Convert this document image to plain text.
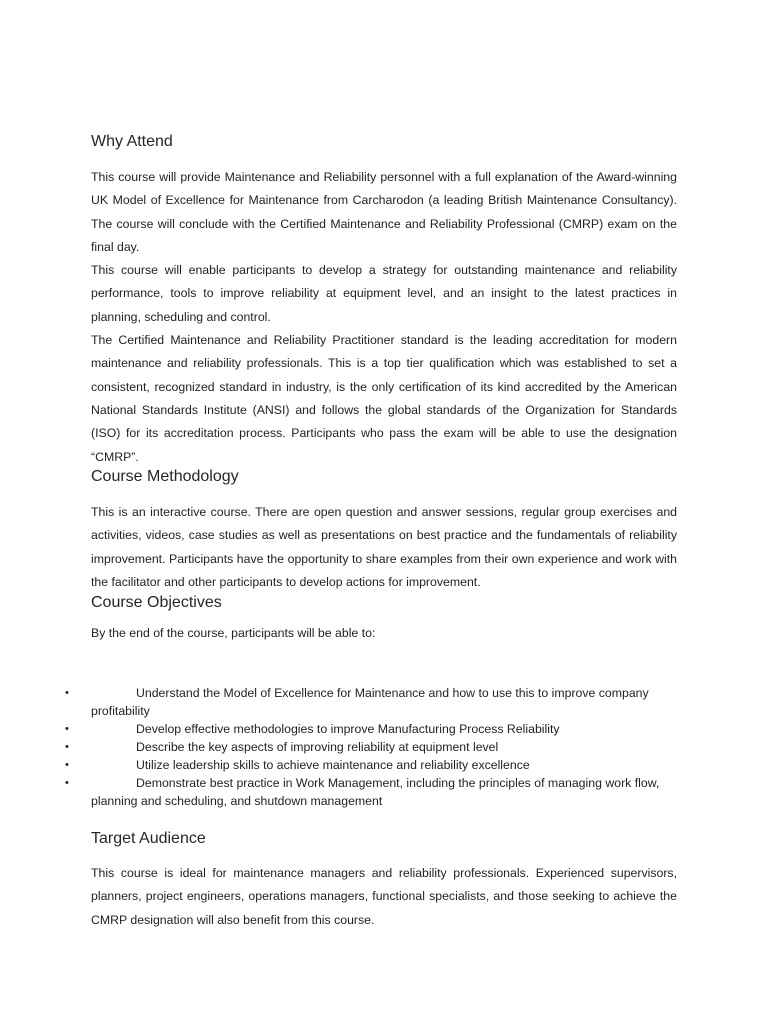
Why Attend

This course will provide Maintenance and Reliability personnel with a full explanation of the Award-winning UK Model of Excellence for Maintenance from Carcharodon (a leading British Maintenance Consultancy). The course will conclude with the Certified Maintenance and Reliability Professional (CMRP) exam on the final day.

This course will enable participants to develop a strategy for outstanding maintenance and reliability performance, tools to improve reliability at equipment level, and an insight to the latest practices in planning, scheduling and control.

The Certified Maintenance and Reliability Practitioner standard is the leading accreditation for modern maintenance and reliability professionals. This is a top tier qualification which was established to set a consistent, recognized standard in industry, is the only certification of its kind accredited by the American National Standards Institute (ANSI) and follows the global standards of the Organization for Standards (ISO) for its accreditation process. Participants who pass the exam will be able to use the designation “CMRP”.

Course Methodology

This is an interactive course. There are open question and answer sessions, regular group exercises and activities, videos, case studies as well as presentations on best practice and the fundamentals of reliability improvement. Participants have the opportunity to share examples from their own experience and work with the facilitator and other participants to develop actions for improvement.

Course Objectives

By the end of the course, participants will be able to:

•	Understand the Model of Excellence for Maintenance and how to use this to improve company profitability
•	Develop effective methodologies to improve Manufacturing Process Reliability
•	Describe the key aspects of improving reliability at equipment level
•	Utilize leadership skills to achieve maintenance and reliability excellence
•	Demonstrate best practice in Work Management, including the principles of managing work flow, planning and scheduling, and shutdown management
Target Audience

This course is ideal for maintenance managers and reliability professionals. Experienced supervisors, planners, project engineers, operations managers, functional specialists, and those seeking to achieve the CMRP designation will also benefit from this course.
